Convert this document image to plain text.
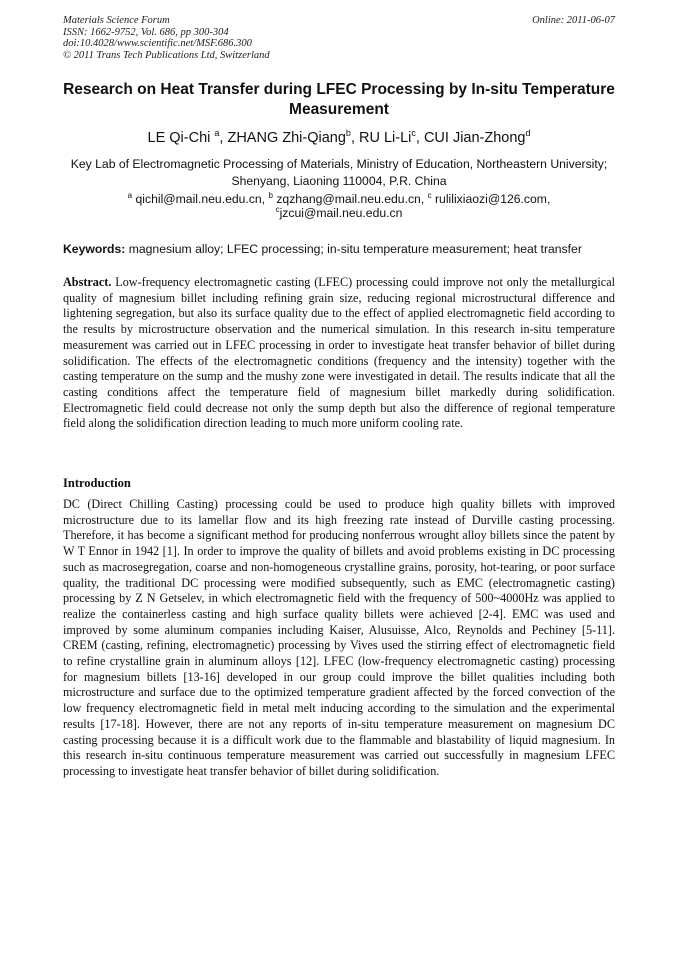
Materials Science Forum
ISSN: 1662-9752, Vol. 686, pp 300-304
doi:10.4028/www.scientific.net/MSF.686.300
© 2011 Trans Tech Publications Ltd, Switzerland
Online: 2011-06-07
Research on Heat Transfer during LFEC Processing by In-situ Temperature Measurement
LE Qi-Chi $^a$, ZHANG Zhi-Qiang$^b$, RU Li-Li$^c$, CUI Jian-Zhong$^d$
Key Lab of Electromagnetic Processing of Materials, Ministry of Education, Northeastern University;
Shenyang, Liaoning 110004, P.R. China
$^a$ qichil@mail.neu.edu.cn, $^b$ zqzhang@mail.neu.edu.cn, $^c$ rulilixiaozi@126.com,
$^c$jzcui@mail.neu.edu.cn
Keywords: magnesium alloy; LFEC processing; in-situ temperature measurement; heat transfer
Abstract. Low-frequency electromagnetic casting (LFEC) processing could improve not only the metallurgical quality of magnesium billet including refining grain size, reducing regional microstructural difference and lightening segregation, but also its surface quality due to the effect of applied electromagnetic field according to the results by microstructure observation and the numerical simulation. In this research in-situ temperature measurement was carried out in LFEC processing in order to investigate heat transfer behavior of billet during solidification. The effects of the electromagnetic conditions (frequency and the intensity) together with the casting temperature on the sump and the mushy zone were investigated in detail. The results indicate that all the casting conditions affect the temperature field of magnesium billet markedly during solidification. Electromagnetic field could decrease not only the sump depth but also the difference of regional temperature field along the solidification direction leading to much more uniform cooling rate.
Introduction
DC (Direct Chilling Casting) processing could be used to produce high quality billets with improved microstructure due to its lamellar flow and its high freezing rate instead of Durville casting processing. Therefore, it has become a significant method for producing nonferrous wrought alloy billets since the patent by W T Ennor in 1942 [1]. In order to improve the quality of billets and avoid problems existing in DC processing such as macrosegregation, coarse and non-homogeneous crystalline grains, porosity, hot-tearing, or poor surface quality, the traditional DC processing were modified subsequently, such as EMC (electromagnetic casting) processing by Z N Getselev, in which electromagnetic field with the frequency of 500~4000Hz was applied to realize the containerless casting and high surface quality billets were achieved [2-4]. EMC was used and improved by some aluminum companies including Kaiser, Alusuisse, Alco, Reynolds and Pechiney [5-11]. CREM (casting, refining, electromagnetic) processing by Vives used the stirring effect of electromagnetic field to refine crystalline grain in aluminum alloys [12]. LFEC (low-frequency electromagnetic casting) processing for magnesium billets [13-16] developed in our group could improve the billet qualities including both microstructure and surface due to the optimized temperature gradient affected by the forced convection of the low frequency electromagnetic field in metal melt inducing according to the simulation and the experimental results [17-18]. However, there are not any reports of in-situ temperature measurement on magnesium DC casting processing because it is a difficult work due to the flammable and blastability of liquid magnesium. In this research in-situ continuous temperature measurement was carried out successfully in magnesium LFEC processing to investigate heat transfer behavior of billet during solidification.
